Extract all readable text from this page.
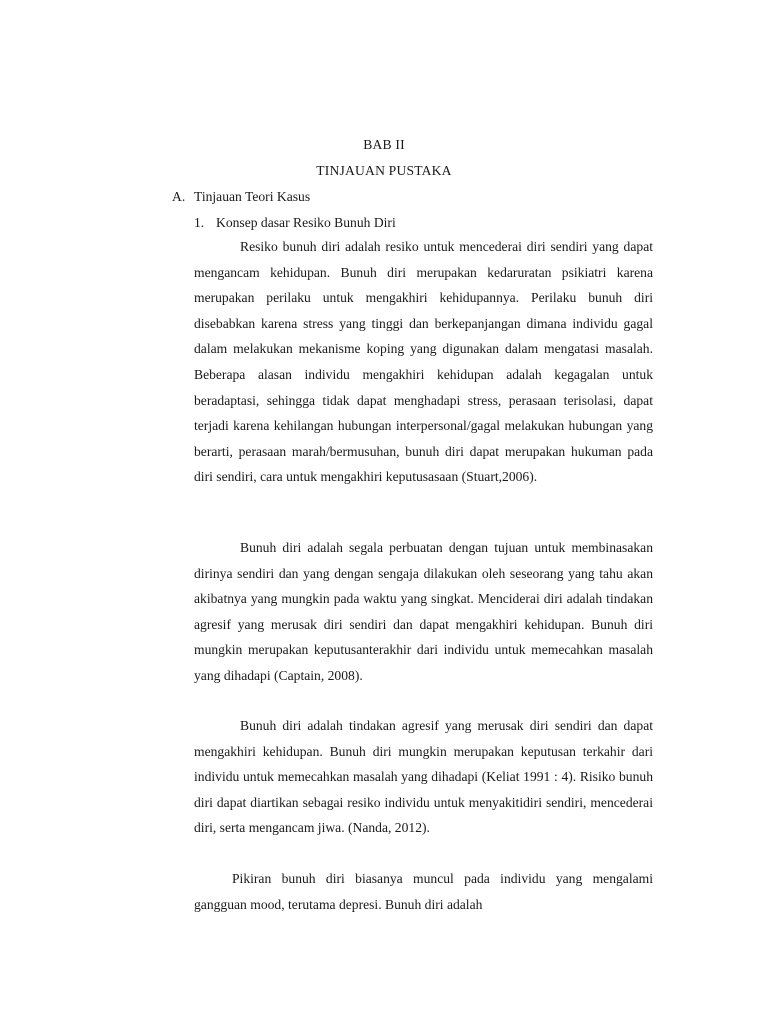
BAB II
TINJAUAN PUSTAKA
A. Tinjauan Teori Kasus
1. Konsep dasar Resiko Bunuh Diri

Resiko bunuh diri adalah resiko untuk mencederai diri sendiri yang dapat mengancam kehidupan. Bunuh diri merupakan kedaruratan psikiatri karena merupakan perilaku untuk mengakhiri kehidupannya. Perilaku bunuh diri disebabkan karena stress yang tinggi dan berkepanjangan dimana individu gagal dalam melakukan mekanisme koping yang digunakan dalam mengatasi masalah. Beberapa alasan individu mengakhiri kehidupan adalah kegagalan untuk beradaptasi, sehingga tidak dapat menghadapi stress, perasaan terisolasi, dapat terjadi karena kehilangan hubungan interpersonal/gagal melakukan hubungan yang berarti, perasaan marah/bermusuhan, bunuh diri dapat merupakan hukuman pada diri sendiri, cara untuk mengakhiri keputusasaan (Stuart,2006).

Bunuh diri adalah segala perbuatan dengan tujuan untuk membinasakan dirinya sendiri dan yang dengan sengaja dilakukan oleh seseorang yang tahu akan akibatnya yang mungkin pada waktu yang singkat. Menciderai diri adalah tindakan agresif yang merusak diri sendiri dan dapat mengakhiri kehidupan. Bunuh diri mungkin merupakan keputusanterakhir dari individu untuk memecahkan masalah yang dihadapi (Captain, 2008).

Bunuh diri adalah tindakan agresif yang merusak diri sendiri dan dapat mengakhiri kehidupan. Bunuh diri mungkin merupakan keputusan terkahir dari individu untuk memecahkan masalah yang dihadapi (Keliat 1991 : 4). Risiko bunuh diri dapat diartikan sebagai resiko individu untuk menyakitidiri sendiri, mencederai diri, serta mengancam jiwa. (Nanda, 2012).

Pikiran bunuh diri biasanya muncul pada individu yang mengalami gangguan mood, terutama depresi. Bunuh diri adalah
